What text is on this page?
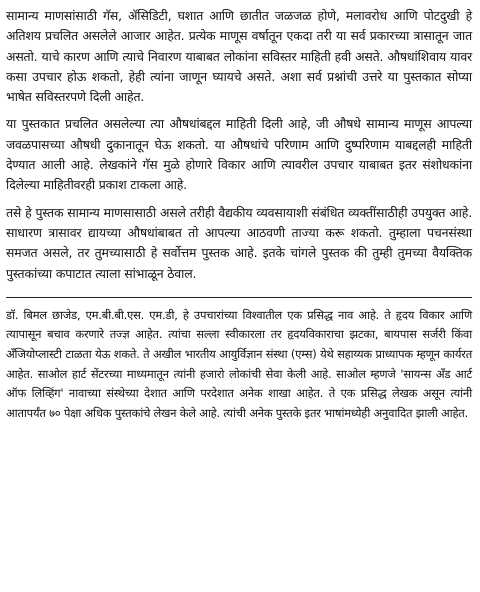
सामान्य माणसांसाठी गॅस, ॲसिडिटी, घशात आणि छातीत जळजळ होणे, मलावरोध आणि पोटदुखी हे अतिशय प्रचलित असलेले आजार आहेत. प्रत्येक माणूस वर्षातून एकदा तरी या सर्व प्रकारच्या त्रासातून जात असतो. याचे कारण आणि त्याचे निवारण याबाबत लोकांना सविस्तर माहिती हवी असते. औषधांशिवाय यावर कसा उपचार होऊ शकतो, हेही त्यांना जाणून घ्यायचे असते. अशा सर्व प्रश्नांची उत्तरे या पुस्तकात सोप्या भाषेत सविस्तरपणे दिली आहेत.

या पुस्तकात प्रचलित असलेल्या त्या औषधांबद्दल माहिती दिली आहे, जी औषधे सामान्य माणूस आपल्या जवळपासच्या औषधी दुकानातून घेऊ शकतो. या औषधांचे परिणाम आणि दुष्परिणाम याबद्दलही माहिती देण्यात आली आहे. लेखकांने गॅस मुळे होणारे विकार आणि त्यावरील उपचार याबाबत इतर संशोधकांना दिलेल्या माहितीवरही प्रकाश टाकला आहे.

तसे हे पुस्तक सामान्य माणसासाठी असले तरीही वैद्यकीय व्यवसायाशी संबंधित व्यक्तींसाठीही उपयुक्त आहे. साधारण त्रासावर द्यायच्या औषधांबाबत तो आपल्या आठवणी ताज्या करू शकतो. तुम्हाला पचनसंस्था समजत असले, तर तुमच्यासाठी हे सर्वोत्तम पुस्तक आहे. इतके चांगले पुस्तक की तुम्ही तुमच्या वैयक्तिक पुस्तकांच्या कपाटात त्याला सांभाळून ठेवाल.

डॉ. बिमल छाजेड, एम.बी.बी.एस. एम.डी, हे उपचारांच्या विश्वातील एक प्रसिद्ध नाव आहे. ते हृदय विकार आणि त्यापासून बचाव करणारे तज्ज्ञ आहेत. त्यांचा सल्ला स्वीकारला तर हृदयविकाराचा झटका, बायपास सर्जरी किंवा ॲंजियोप्लास्टी टाळता येऊ शकते. ते अखील भारतीय आयुर्विज्ञान संस्था (एम्स) येथे सहाय्यक प्राध्यापक म्हणून कार्यरत आहेत. साओल हार्ट सेंटरच्या माध्यमातून त्यांनी हजारो लोकांची सेवा केली आहे. साओल म्हणजे 'सायन्स ॲंड आर्ट ऑफ लिव्हिंग' नावाच्या संस्थेच्या देशात आणि परदेशात अनेक शाखा आहेत. ते एक प्रसिद्ध लेखक असून त्यांनी आतापर्यंत ७० पेक्षा अधिक पुस्तकांचे लेखन केले आहे. त्यांची अनेक पुस्तके इतर भाषांमध्येही अनुवादित झाली आहेत.
